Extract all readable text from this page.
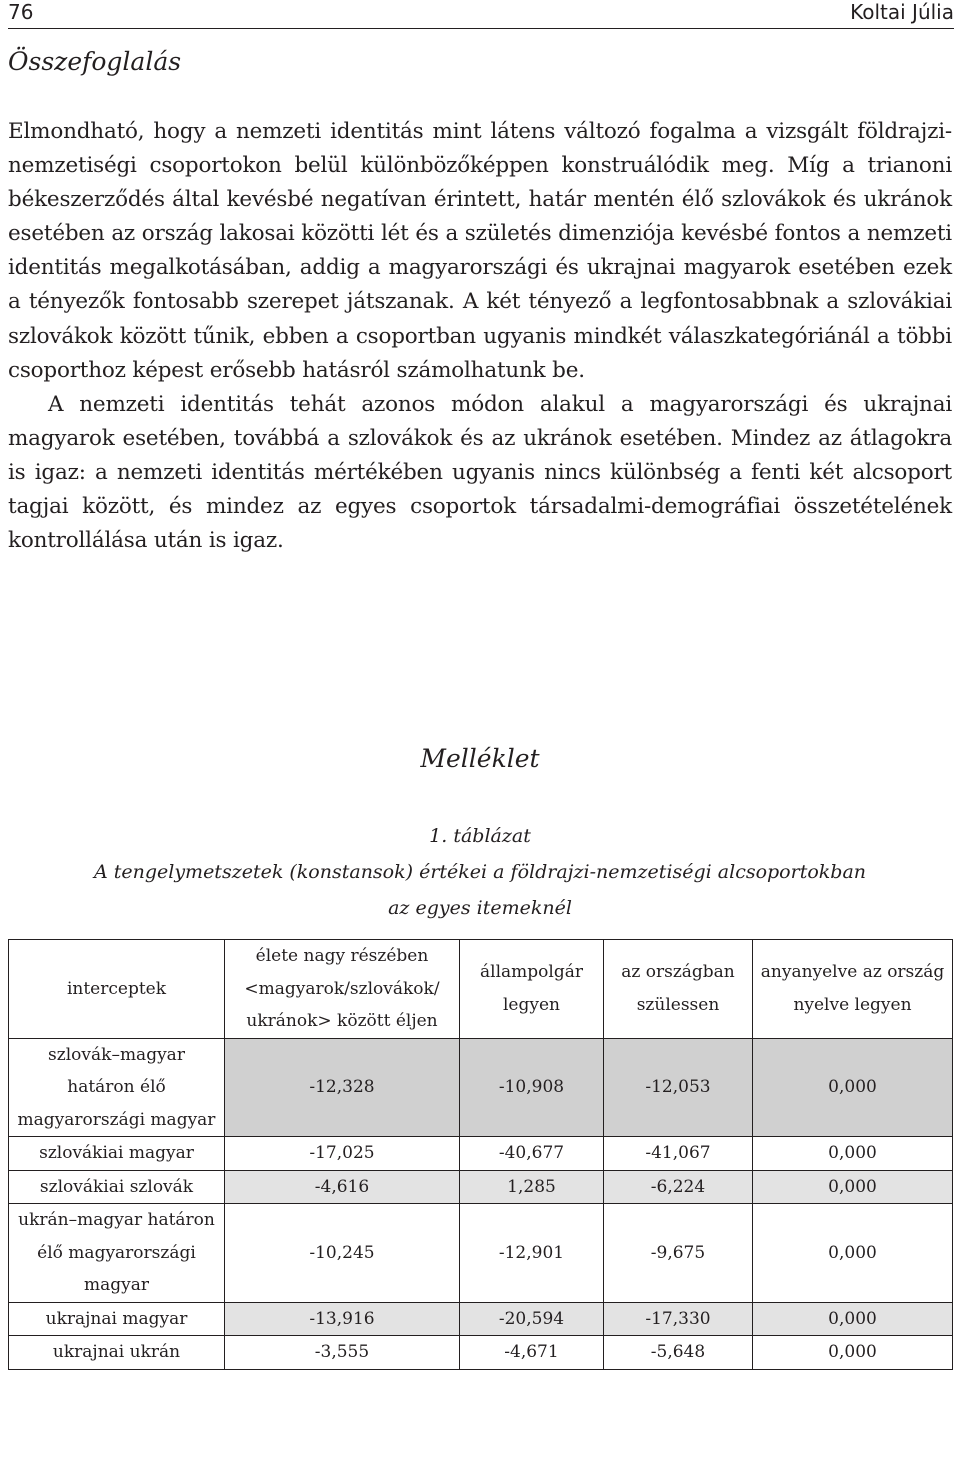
76	Koltai Júlia
Összefoglalás

Elmondható, hogy a nemzeti identitás mint látens változó fogalma a vizsgált földrajzi-nemzetiségi csoportokon belül különbözőképpen konstruálódik meg. Míg a trianoni békeszerződés által kevésbé negatívan érintett, határ mentén élő szlovákok és ukránok esetében az ország lakosai közötti lét és a születés dimenziója kevésbé fontos a nemzeti identitás megalkotásában, addig a magyarországi és ukrajnai magyarok esetében ezek a tényezők fontosabb szerepet játszanak. A két tényező a legfontosabbnak a szlovákiai szlovákok között tűnik, ebben a csoportban ugyanis mindkét válaszkategóriánál a többi csoporthoz képest erősebb hatásról számolhatunk be.

A nemzeti identitás tehát azonos módon alakul a magyarországi és ukrajnai magyarok esetében, továbbá a szlovákok és az ukránok esetében. Mindez az átlagokra is igaz: a nemzeti identitás mértékében ugyanis nincs különbség a fenti két alcsoport tagjai között, és mindez az egyes csoportok társadalmi-demográfiai összetételének kontrollálása után is igaz.

Melléklet
1. táblázat
A tengelymetszetek (konstansok) értékei a földrajzi-nemzetiségi alcsoportokban
az egyes itemeknél
interceptek	élete nagy részében <magyarok/szlovákok/ ukránok> között éljen	állampolgár legyen	az országban szülessen	anyanyelve az ország nyelve legyen
szlovák–magyar határon élő magyarországi magyar	-12,328	-10,908	-12,053	0,000
szlovákiai magyar	-17,025	-40,677	-41,067	0,000
szlovákiai szlovák	-4,616	1,285	-6,224	0,000
ukrán–magyar határon élő magyarországi magyar	-10,245	-12,901	-9,675	0,000
ukrajnai magyar	-13,916	-20,594	-17,330	0,000
ukrajnai ukrán	-3,555	-4,671	-5,648	0,000
